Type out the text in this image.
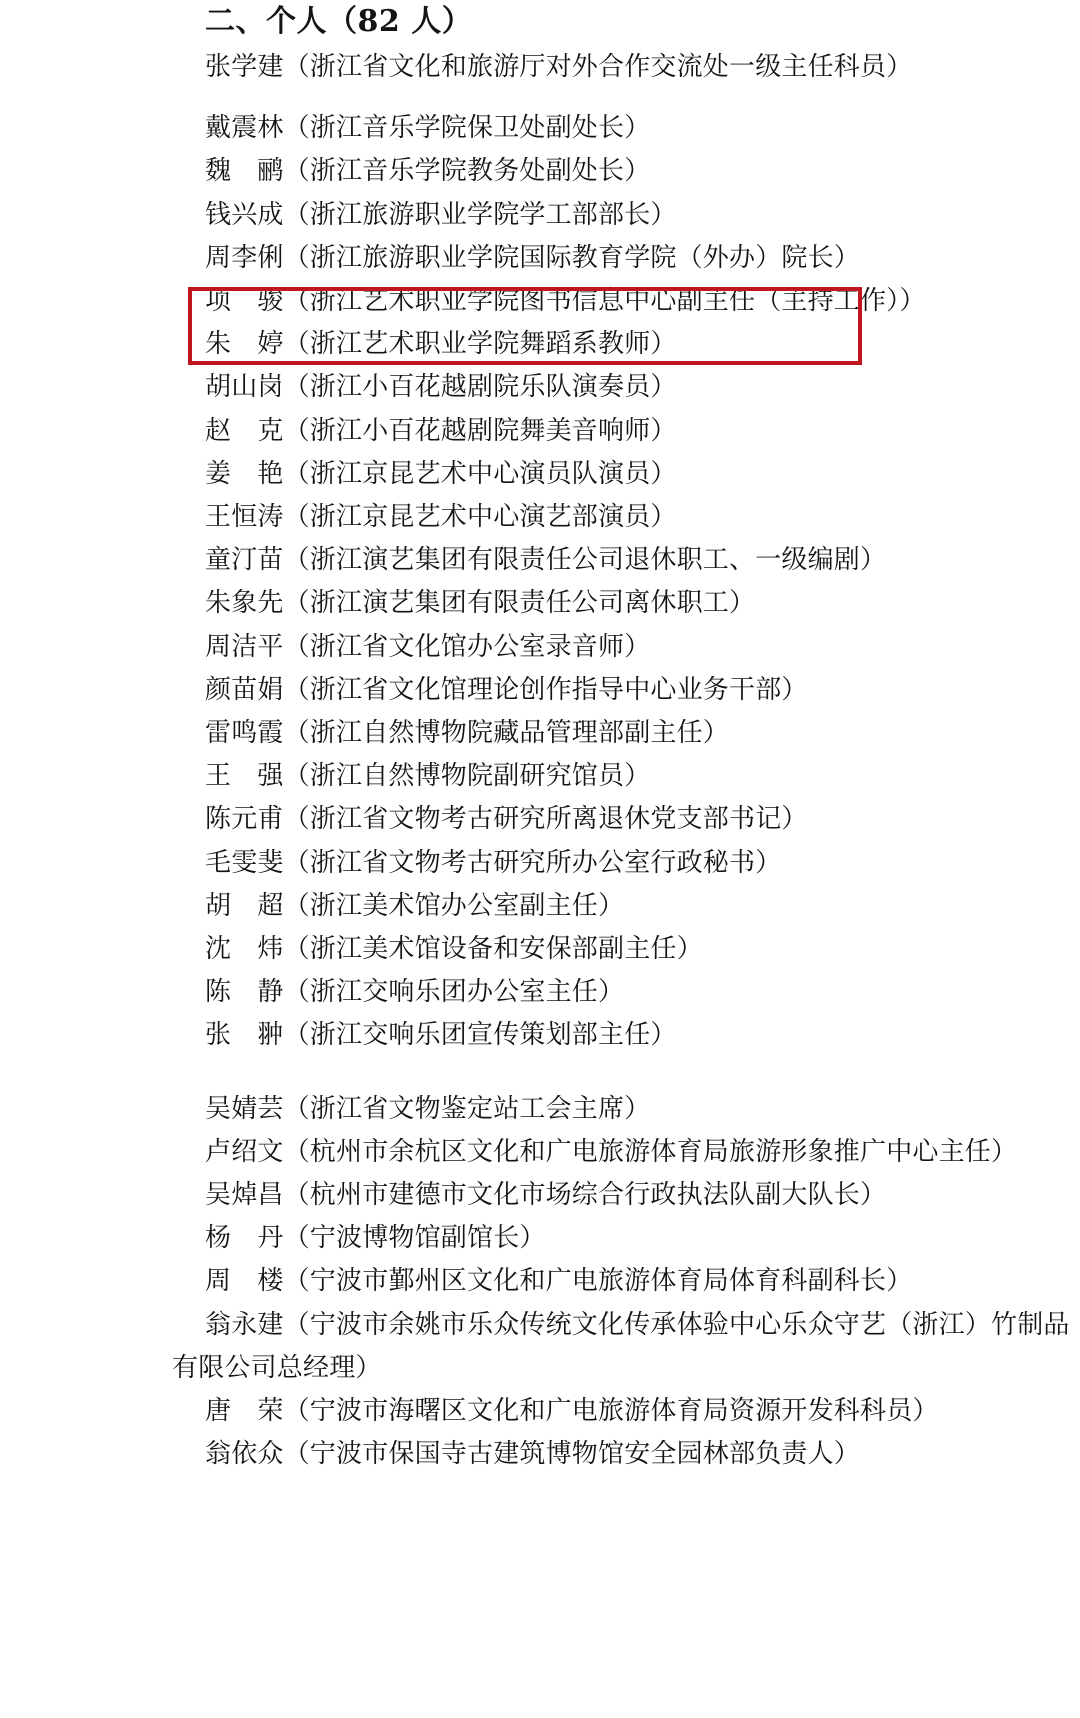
二、个人（82 人）
张学建（浙江省文化和旅游厅对外合作交流处一级主任科员）
戴震林（浙江音乐学院保卫处副处长）
魏　鹂（浙江音乐学院教务处副处长）
钱兴成（浙江旅游职业学院学工部部长）
周李俐（浙江旅游职业学院国际教育学院（外办）院长）
项　骏（浙江艺术职业学院图书信息中心副主任（主持工作））
朱　婷（浙江艺术职业学院舞蹈系教师）
胡山岗（浙江小百花越剧院乐队演奏员）
赵　克（浙江小百花越剧院舞美音响师）
姜　艳（浙江京昆艺术中心演员队演员）
王恒涛（浙江京昆艺术中心演艺部演员）
童汀苗（浙江演艺集团有限责任公司退休职工、一级编剧）
朱象先（浙江演艺集团有限责任公司离休职工）
周洁平（浙江省文化馆办公室录音师）
颜苗娟（浙江省文化馆理论创作指导中心业务干部）
雷鸣霞（浙江自然博物院藏品管理部副主任）
王　强（浙江自然博物院副研究馆员）
陈元甫（浙江省文物考古研究所离退休党支部书记）
毛雯斐（浙江省文物考古研究所办公室行政秘书）
胡　超（浙江美术馆办公室副主任）
沈　炜（浙江美术馆设备和安保部副主任）
陈　静（浙江交响乐团办公室主任）
张　翀（浙江交响乐团宣传策划部主任）
吴婧芸（浙江省文物鉴定站工会主席）
卢绍文（杭州市余杭区文化和广电旅游体育局旅游形象推广中心主任）
吴焯昌（杭州市建德市文化市场综合行政执法队副大队长）
杨　丹（宁波博物馆副馆长）
周　楼（宁波市鄞州区文化和广电旅游体育局体育科副科长）
翁永建（宁波市余姚市乐众传统文化传承体验中心乐众守艺（浙江）竹制品有限公司总经理）
唐　荣（宁波市海曙区文化和广电旅游体育局资源开发科科员）
翁依众（宁波市保国寺古建筑博物馆安全园林部负责人）
